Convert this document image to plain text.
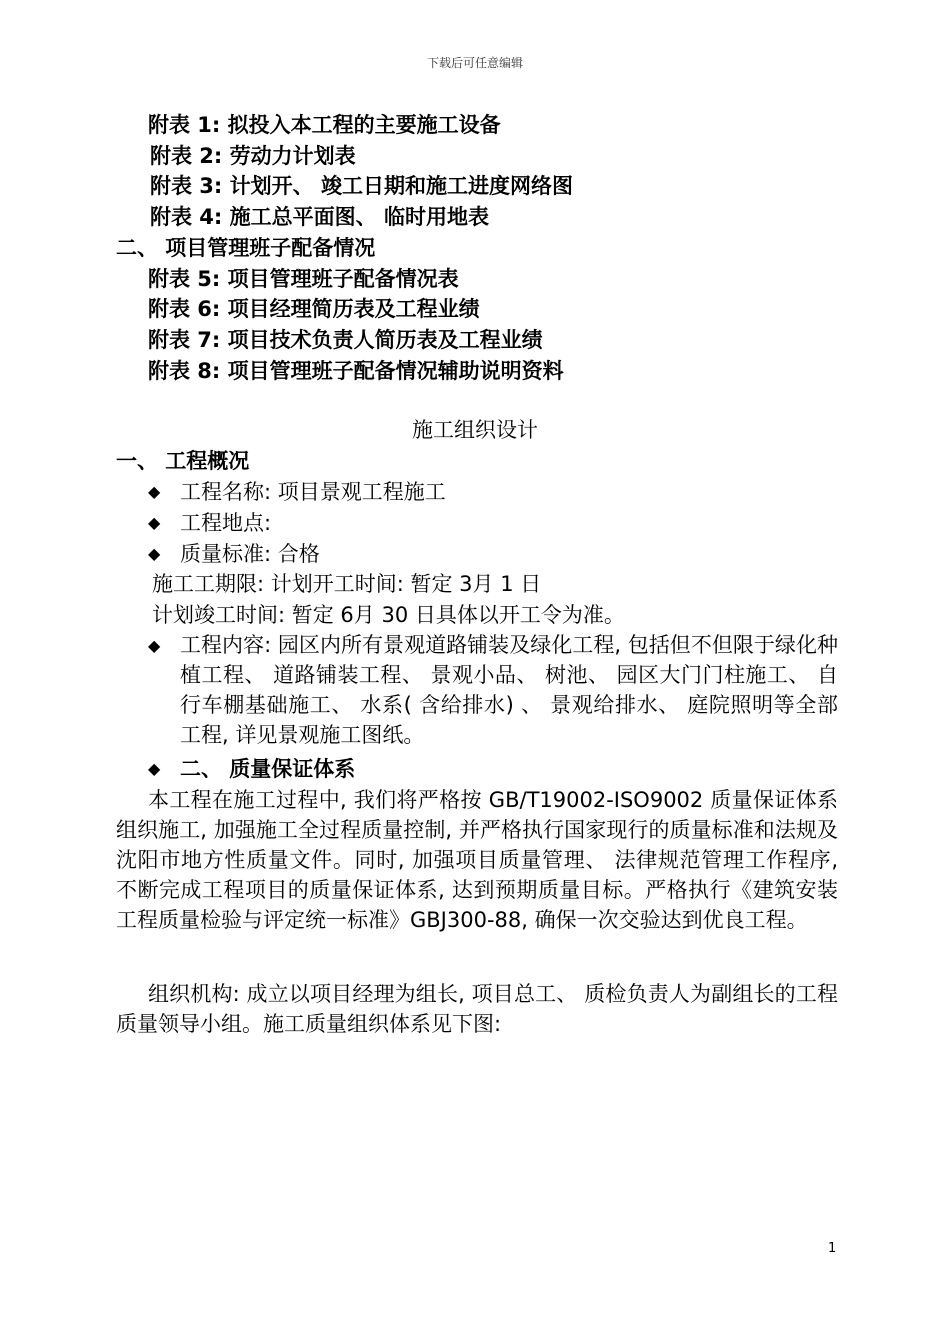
下载后可任意编辑
附表 1: 拟投入本工程的主要施工设备
附表 2: 劳动力计划表
附表 3: 计划开、 竣工日期和施工进度网络图
附表 4: 施工总平面图、 临时用地表
二、 项目管理班子配备情况
附表 5: 项目管理班子配备情况表
附表 6: 项目经理简历表及工程业绩
附表 7: 项目技术负责人简历表及工程业绩
附表 8: 项目管理班子配备情况辅助说明资料
施工组织设计
一、 工程概况
◆ 工程名称: 项目景观工程施工
◆ 工程地点:
◆ 质量标准: 合格
施工工期限: 计划开工时间: 暂定 3月 1 日
计划竣工时间: 暂定 6月 30 日具体以开工令为准。
◆ 工程内容: 园区内所有景观道路铺装及绿化工程, 包括但不但限于绿化种植工程、 道路铺装工程、 景观小品、 树池、 园区大门门柱施工、 自行车棚基础施工、 水系( 含给排水) 、 景观给排水、 庭院照明等全部工程, 详见景观施工图纸。
◆ 二、 质量保证体系
本工程在施工过程中, 我们将严格按 GB/T19002-ISO9002 质量保证体系组织施工, 加强施工全过程质量控制, 并严格执行国家现行的质量标准和法规及沈阳市地方性质量文件。同时, 加强项目质量管理、 法律规范管理工作程序, 不断完成工程项目的质量保证体系, 达到预期质量目标。严格执行《建筑安装工程质量检验与评定统一标准》GBJ300-88, 确保一次交验达到优良工程。
组织机构: 成立以项目经理为组长, 项目总工、 质检负责人为副组长的工程质量领导小组。施工质量组织体系见下图:
1
